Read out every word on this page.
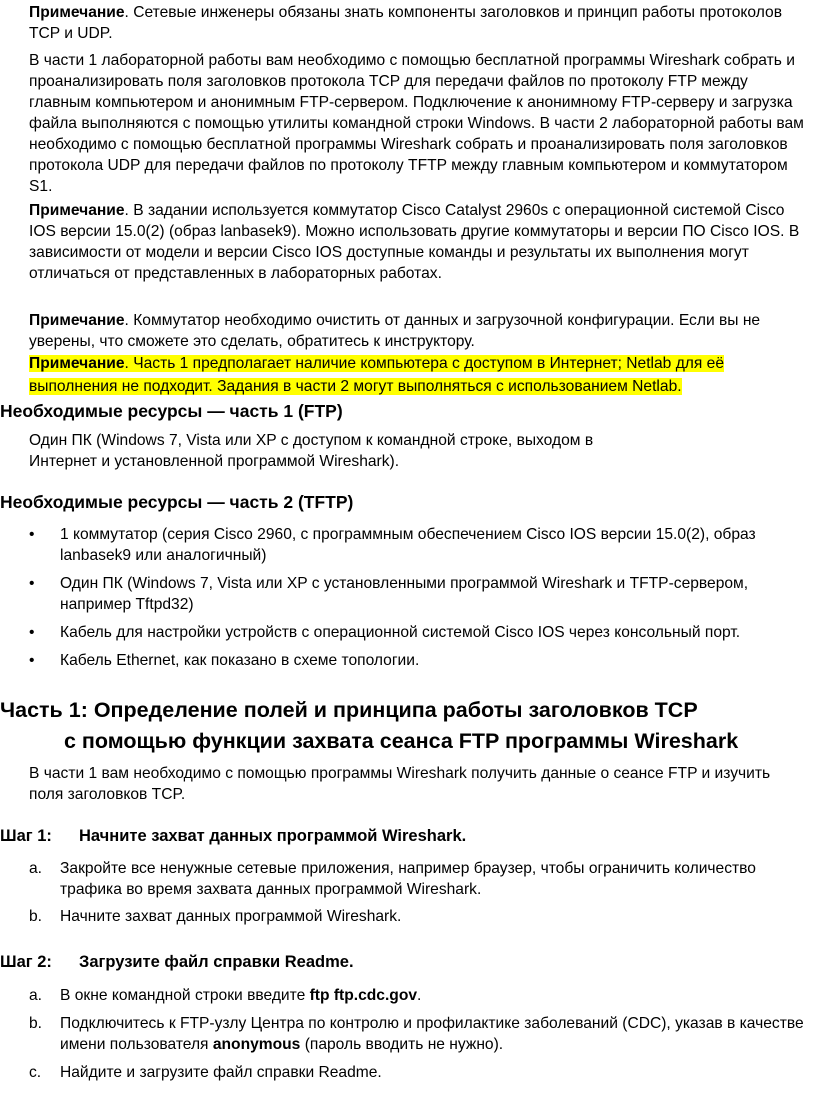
Примечание. Сетевые инженеры обязаны знать компоненты заголовков и принцип работы протоколов TCP и UDP.

В части 1 лабораторной работы вам необходимо с помощью бесплатной программы Wireshark собрать и проанализировать поля заголовков протокола TCP для передачи файлов по протоколу FTP между главным компьютером и анонимным FTP-сервером. Подключение к анонимному FTP-серверу и загрузка файла выполняются с помощью утилиты командной строки Windows. В части 2 лабораторной работы вам необходимо с помощью бесплатной программы Wireshark собрать и проанализировать поля заголовков протокола UDP для передачи файлов по протоколу TFTP между главным компьютером и коммутатором S1.

Примечание. В задании используется коммутатор Cisco Catalyst 2960s с операционной системой Cisco
IOS версии 15.0(2) (образ lanbasek9). Можно использовать другие коммутаторы и версии ПО Cisco IOS. В зависимости от модели и версии Cisco IOS доступные команды и результаты их выполнения могут отличаться от представленных в лабораторных работах.

Примечание. Коммутатор необходимо очистить от данных и загрузочной конфигурации. Если вы не уверены, что сможете это сделать, обратитесь к инструктору.

Примечание. Часть 1 предполагает наличие компьютера с доступом в Интернет; Netlab для её
выполнения не подходит. Задания в части 2 могут выполняться с использованием Netlab.

Необходимые ресурсы — часть 1 (FTP)

Один ПК (Windows 7, Vista или XP с доступом к командной строке, выходом в Интернет и установленной программой Wireshark).

Необходимые ресурсы — часть 2 (TFTP)
•	1 коммутатор (серия Cisco 2960, с программным обеспечением Cisco IOS версии 15.0(2), образ lanbasek9 или аналогичный)
•	Один ПК (Windows 7, Vista или XP с установленными программой Wireshark и TFTP-сервером, например Tftpd32)
•	Кабель для настройки устройств с операционной системой Cisco IOS через консольный порт.
•	Кабель Ethernet, как показано в схеме топологии.
Часть 1: Определение полей и принципа работы заголовков TCP
с помощью функции захвата сеанса FTP программы Wireshark

В части 1 вам необходимо с помощью программы Wireshark получить данные о сеансе FTP и изучить поля заголовков TCP.

Шаг 1: Начните захват данных программой Wireshark.
a.	Закройте все ненужные сетевые приложения, например браузер, чтобы ограничить количество трафика во время захвата данных программой Wireshark.
b.	Начните захват данных программой Wireshark.
Шаг 2: Загрузите файл справки Readme.
a.	В окне командной строки введите ftp ftp.cdc.gov.
b.	Подключитесь к FTP-узлу Центра по контролю и профилактике заболеваний (CDC), указав в качестве имени пользователя anonymous (пароль вводить не нужно).
c.	Найдите и загрузите файл справки Readme.
